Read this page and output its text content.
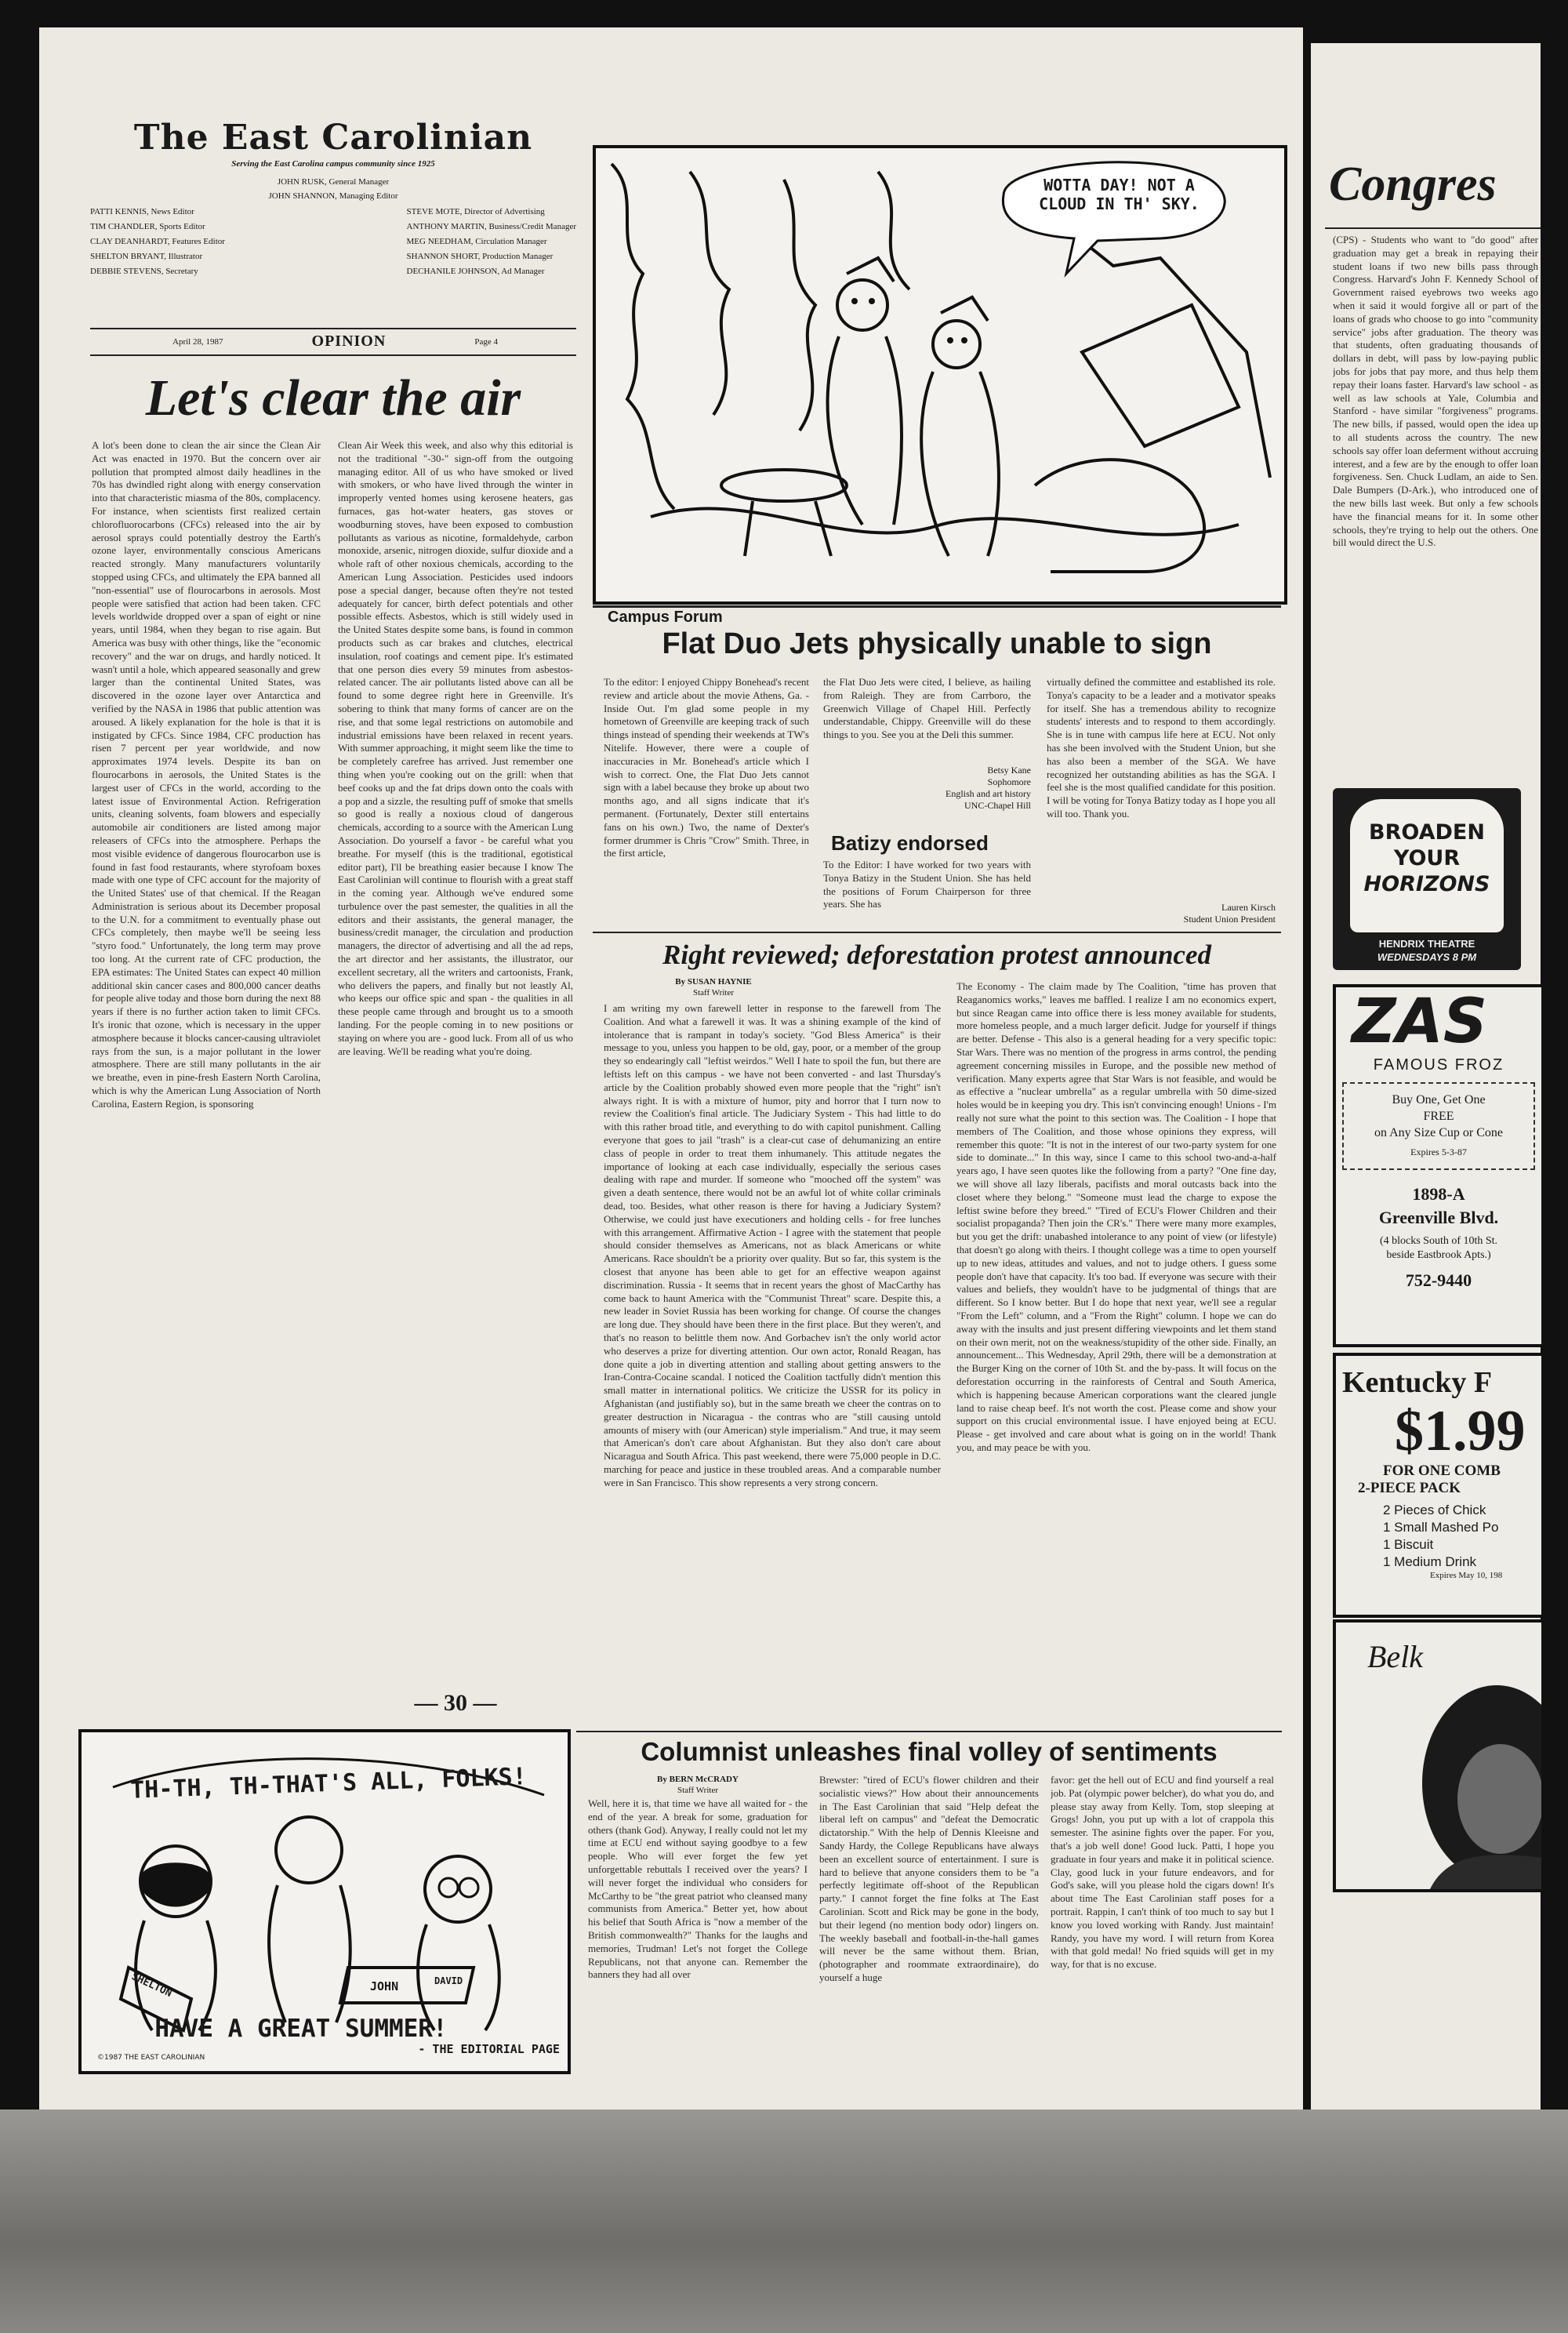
The East Carolinian
Serving the East Carolina campus community since 1925
JOHN RUSK, General Manager
JOHN SHANNON, Managing Editor
PATTI KENNIS, News Editor
TIM CHANDLER, Sports Editor
CLAY DEANHARDT, Features Editor
SHELTON BRYANT, Illustrator
DEBBIE STEVENS, Secretary
STEVE MOTE, Director of Advertising
ANTHONY MARTIN, Business/Credit Manager
MEG NEEDHAM, Circulation Manager
SHANNON SHORT, Production Manager
DECHANILE JOHNSON, Ad Manager
April 28, 1987	OPINION	Page 4
Let's clear the air
A lot's been done to clean the air since the Clean Air Act was enacted in 1970. But the concern over air pollution that prompted almost daily headlines in the 70s has dwindled right along with energy conservation into that characteristic miasma of the 80s, complacency. For instance, when scientists first realized certain chlorofluorocarbons (CFCs) released into the air by aerosol sprays could potentially destroy the Earth's ozone layer, environmentally conscious Americans reacted strongly. Many manufacturers voluntarily stopped using CFCs, and ultimately the EPA banned all "non-essential" use of flourocarbons in aerosols. Most people were satisfied that action had been taken. CFC levels worldwide dropped over a span of eight or nine years, until 1984, when they began to rise again. But America was busy with other things, like the "economic recovery" and the war on drugs, and hardly noticed. It wasn't until a hole, which appeared seasonally and grew larger than the continental United States, was discovered in the ozone layer over Antarctica and verified by the NASA in 1986 that public attention was aroused. A likely explanation for the hole is that it is instigated by CFCs. Since 1984, CFC production has risen 7 percent per year worldwide, and now approximates 1974 levels. Despite its ban on flourocarbons in aerosols, the United States is the largest user of CFCs in the world, according to the latest issue of Environmental Action. Refrigeration units, cleaning solvents, foam blowers and especially automobile air conditioners are listed among major releasers of CFCs into the atmosphere. Perhaps the most visible evidence of dangerous flourocarbon use is found in fast food restaurants, where styrofoam boxes made with one type of CFC account for the majority of the United States' use of that chemical. If the Reagan Administration is serious about its December proposal to the U.N. for a commitment to eventually phase out CFCs completely, then maybe we'll be seeing less "styro food." Unfortunately, the long term may prove too long. At the current rate of CFC production, the EPA estimates: The United States can expect 40 million additional skin cancer cases and 800,000 cancer deaths for people alive today and those born during the next 88 years if there is no further action taken to limit CFCs. It's ironic that ozone, which is necessary in the upper atmosphere because it blocks cancer-causing ultraviolet rays from the sun, is a major pollutant in the lower atmosphere. There are still many pollutants in the air we breathe, even in pine-fresh Eastern North Carolina, which is why the American Lung Association of North Carolina, Eastern Region, is sponsoring
Clean Air Week this week, and also why this editorial is not the traditional "-30-" sign-off from the outgoing managing editor. All of us who have smoked or lived with smokers, or who have lived through the winter in improperly vented homes using kerosene heaters, gas furnaces, gas hot-water heaters, gas stoves or woodburning stoves, have been exposed to combustion pollutants as various as nicotine, formaldehyde, carbon monoxide, arsenic, nitrogen dioxide, sulfur dioxide and a whole raft of other noxious chemicals, according to the American Lung Association. Pesticides used indoors pose a special danger, because often they're not tested adequately for cancer, birth defect potentials and other possible effects. Asbestos, which is still widely used in the United States despite some bans, is found in common products such as car brakes and clutches, electrical insulation, roof coatings and cement pipe. It's estimated that one person dies every 59 minutes from asbestos-related cancer. The air pollutants listed above can all be found to some degree right here in Greenville. It's sobering to think that many forms of cancer are on the rise, and that some legal restrictions on automobile and industrial emissions have been relaxed in recent years. With summer approaching, it might seem like the time to be completely carefree has arrived. Just remember one thing when you're cooking out on the grill: when that beef cooks up and the fat drips down onto the coals with a pop and a sizzle, the resulting puff of smoke that smells so good is really a noxious cloud of dangerous chemicals, according to a source with the American Lung Association. Do yourself a favor - be careful what you breathe. For myself (this is the traditional, egotistical editor part), I'll be breathing easier because I know The East Carolinian will continue to flourish with a great staff in the coming year. Although we've endured some turbulence over the past semester, the qualities in all the editors and their assistants, the general manager, the business/credit manager, the circulation and production managers, the director of advertising and all the ad reps, the art director and her assistants, the illustrator, our excellent secretary, all the writers and cartoonists, Frank, who delivers the papers, and finally but not leastly Al, who keeps our office spic and span - the qualities in all these people came through and brought us to a smooth landing. For the people coming in to new positions or staying on where you are - good luck. From all of us who are leaving. We'll be reading what you're doing.
— 30 —
WOTTA DAY! NOT A CLOUD IN TH' SKY.
Campus Forum
Flat Duo Jets physically unable to sign
To the editor: I enjoyed Chippy Bonehead's recent review and article about the movie Athens, Ga. - Inside Out. I'm glad some people in my hometown of Greenville are keeping track of such things instead of spending their weekends at TW's Nitelife. However, there were a couple of inaccuracies in Mr. Bonehead's article which I wish to correct. One, the Flat Duo Jets cannot sign with a label because they broke up about two months ago, and all signs indicate that it's permanent. (Fortunately, Dexter still entertains fans on his own.) Two, the name of Dexter's former drummer is Chris "Crow" Smith. Three, in the first article,
the Flat Duo Jets were cited, I believe, as hailing from Raleigh. They are from Carrboro, the Greenwich Village of Chapel Hill. Perfectly understandable, Chippy. Greenville will do these things to you. See you at the Deli this summer.
Betsy Kane
Sophomore
English and art history
UNC-Chapel Hill
Batizy endorsed
To the Editor: I have worked for two years with Tonya Batizy in the Student Union. She has held the positions of Forum Chairperson for three years. She has
virtually defined the committee and established its role. Tonya's capacity to be a leader and a motivator speaks for itself. She has a tremendous ability to recognize students' interests and to respond to them accordingly. She is in tune with campus life here at ECU. Not only has she been involved with the Student Union, but she has also been a member of the SGA. We have recognized her outstanding abilities as has the SGA. I feel she is the most qualified candidate for this position. I will be voting for Tonya Batizy today as I hope you all will too. Thank you.
Lauren Kirsch
Student Union President
Right reviewed; deforestation protest announced
By SUSAN HAYNIE
Staff Writer
I am writing my own farewell letter in response to the farewell from The Coalition. And what a farewell it was. It was a shining example of the kind of intolerance that is rampant in today's society. "God Bless America" is their message to you, unless you happen to be old, gay, poor, or a member of the group they so endearingly call "leftist weirdos." Well I hate to spoil the fun, but there are leftists left on this campus - we have not been converted - and last Thursday's article by the Coalition probably showed even more people that the "right" isn't always right. It is with a mixture of humor, pity and horror that I turn now to review the Coalition's final article. The Judiciary System - This had little to do with this rather broad title, and everything to do with capitol punishment. Calling everyone that goes to jail "trash" is a clear-cut case of dehumanizing an entire class of people in order to treat them inhumanely. This attitude negates the importance of looking at each case individually, especially the serious cases dealing with rape and murder. If someone who "mooched off the system" was given a death sentence, there would not be an awful lot of white collar criminals dead, too. Besides, what other reason is there for having a Judiciary System? Otherwise, we could just have executioners and holding cells - for free lunches with this arrangement. Affirmative Action - I agree with the statement that people should consider themselves as Americans, not as black Americans or white Americans. Race shouldn't be a priority over quality. But so far, this system is the closest that anyone has been able to get for an effective weapon against discrimination. Russia - It seems that in recent years the ghost of MacCarthy has come back to haunt America with the "Communist Threat" scare. Despite this, a new leader in Soviet Russia has been working for change. Of course the changes are long due. They should have been there in the first place. But they weren't, and that's no reason to belittle them now. And Gorbachev isn't the only world actor who deserves a prize for diverting attention. Our own actor, Ronald Reagan, has done quite a job in diverting attention and stalling about getting answers to the Iran-Contra-Cocaine scandal. I noticed the Coalition tactfully didn't mention this small matter in international politics. We criticize the USSR for its policy in Afghanistan (and justifiably so), but in the same breath we cheer the contras on to greater destruction in Nicaragua - the contras who are "still causing untold amounts of misery with (our American) style imperialism." And true, it may seem that American's don't care about Afghanistan. But they also don't care about Nicaragua and South Africa. This past weekend, there were 75,000 people in D.C. marching for peace and justice in these troubled areas. And a comparable number were in San Francisco. This show represents a very strong concern.
The Economy - The claim made by The Coalition, "time has proven that Reaganomics works," leaves me baffled. I realize I am no economics expert, but since Reagan came into office there is less money available for students, more homeless people, and a much larger deficit. Judge for yourself if things are better. Defense - This also is a general heading for a very specific topic: Star Wars. There was no mention of the progress in arms control, the pending agreement concerning missiles in Europe, and the possible new method of verification. Many experts agree that Star Wars is not feasible, and would be as effective a "nuclear umbrella" as a regular umbrella with 50 dime-sized holes would be in keeping you dry. This isn't convincing enough! Unions - I'm really not sure what the point to this section was. The Coalition - I hope that members of The Coalition, and those whose opinions they express, will remember this quote: "It is not in the interest of our two-party system for one side to dominate..." In this way, since I came to this school two-and-a-half years ago, I have seen quotes like the following from a party? "One fine day, we will shove all lazy liberals, pacifists and moral outcasts back into the closet where they belong." "Someone must lead the charge to expose the leftist swine before they breed." "Tired of ECU's Flower Children and their socialist propaganda? Then join the CR's." There were many more examples, but you get the drift: unabashed intolerance to any point of view (or lifestyle) that doesn't go along with theirs. I thought college was a time to open yourself up to new ideas, attitudes and values, and not to judge others. I guess some people don't have that capacity. It's too bad. If everyone was secure with their values and beliefs, they wouldn't have to be judgmental of things that are different. So I know better. But I do hope that next year, we'll see a regular "From the Left" column, and a "From the Right" column. I hope we can do away with the insults and just present differing viewpoints and let them stand on their own merit, not on the weakness/stupidity of the other side. Finally, an announcement... This Wednesday, April 29th, there will be a demonstration at the Burger King on the corner of 10th St. and the by-pass. It will focus on the deforestation occurring in the rainforests of Central and South America, which is happening because American corporations want the cleared jungle land to raise cheap beef. It's not worth the cost. Please come and show your support on this crucial environmental issue. I have enjoyed being at ECU. Please - get involved and care about what is going on in the world! Thank you, and may peace be with you.
TH-TH, TH-THAT'S ALL, FOLKS!
SHELTON	JOHN	DAVID
HAVE A GREAT SUMMER!
- THE EDITORIAL PAGE
©1987 THE EAST CAROLINIAN
Columnist unleashes final volley of sentiments
By BERN McCRADY
Staff Writer
Well, here it is, that time we have all waited for - the end of the year. A break for some, graduation for others (thank God). Anyway, I really could not let my time at ECU end without saying goodbye to a few people. Who will ever forget the few yet unforgettable rebuttals I received over the years? I will never forget the individual who considers for McCarthy to be "the great patriot who cleansed many communists from America." Better yet, how about his belief that South Africa is "now a member of the British commonwealth?" Thanks for the laughs and memories, Trudman! Let's not forget the College Republicans, not that anyone can. Remember the banners they had all over
Brewster: "tired of ECU's flower children and their socialistic views?" How about their announcements in The East Carolinian that said "Help defeat the liberal left on campus" and "defeat the Democratic dictatorship." With the help of Dennis Kleeisne and Sandy Hardy, the College Republicans have always been an excellent source of entertainment. I sure is hard to believe that anyone considers them to be "a perfectly legitimate off-shoot of the Republican party." I cannot forget the fine folks at The East Carolinian. Scott and Rick may be gone in the body, but their legend (no mention body odor) lingers on. The weekly baseball and football-in-the-hall games will never be the same without them. Brian, (photographer and roommate extraordinaire), do yourself a huge
favor: get the hell out of ECU and find yourself a real job. Pat (olympic power belcher), do what you do, and please stay away from Kelly. Tom, stop sleeping at Grogs! John, you put up with a lot of crappola this semester. The asinine fights over the paper. For you, that's a job well done! Good luck. Patti, I hope you graduate in four years and make it in political science. Clay, good luck in your future endeavors, and for God's sake, will you please hold the cigars down! It's about time The East Carolinian staff poses for a portrait. Rappin, I can't think of too much to say but I know you loved working with Randy. Just maintain! Randy, you have my word. I will return from Korea with that gold medal! No fried squids will get in my way, for that is no excuse.
Congres
(CPS) - Students who want to "do good" after graduation may get a break in repaying their student loans if two new bills pass through Congress. Harvard's John F. Kennedy School of Government raised eyebrows two weeks ago when it said it would forgive all or part of the loans of grads who choose to go into "community service" jobs after graduation. The theory was that students, often graduating thousands of dollars in debt, will pass by low-paying public jobs for jobs that pay more, and thus help them repay their loans faster. Harvard's law school - as well as law schools at Yale, Columbia and Stanford - have similar "forgiveness" programs. The new bills, if passed, would open the idea up to all students across the country. The new schools say offer loan deferment without accruing interest, and a few are by the enough to offer loan forgiveness. Sen. Chuck Ludlam, an aide to Sen. Dale Bumpers (D-Ark.), who introduced one of the new bills last week. But only a few schools have the financial means for it. In some other schools, they're trying to help out the others. One bill would direct the U.S.
BROADEN
YOUR
HORIZONS
HENDRIX THEATRE
WEDNESDAYS 8 PM
ZAS
FAMOUS FROZ
Buy One, Get One
FREE
on Any Size Cup or Cone
Expires 5-3-87
1898-A
Greenville Blvd.
(4 blocks South of 10th St.
beside Eastbrook Apts.)
752-9440
Kentucky F
$1.99
FOR ONE COMB
2-PIECE PACK
2 Pieces of Chick
1 Small Mashed Po
1 Biscuit
1 Medium Drink
Expires May 10, 198
Belk
